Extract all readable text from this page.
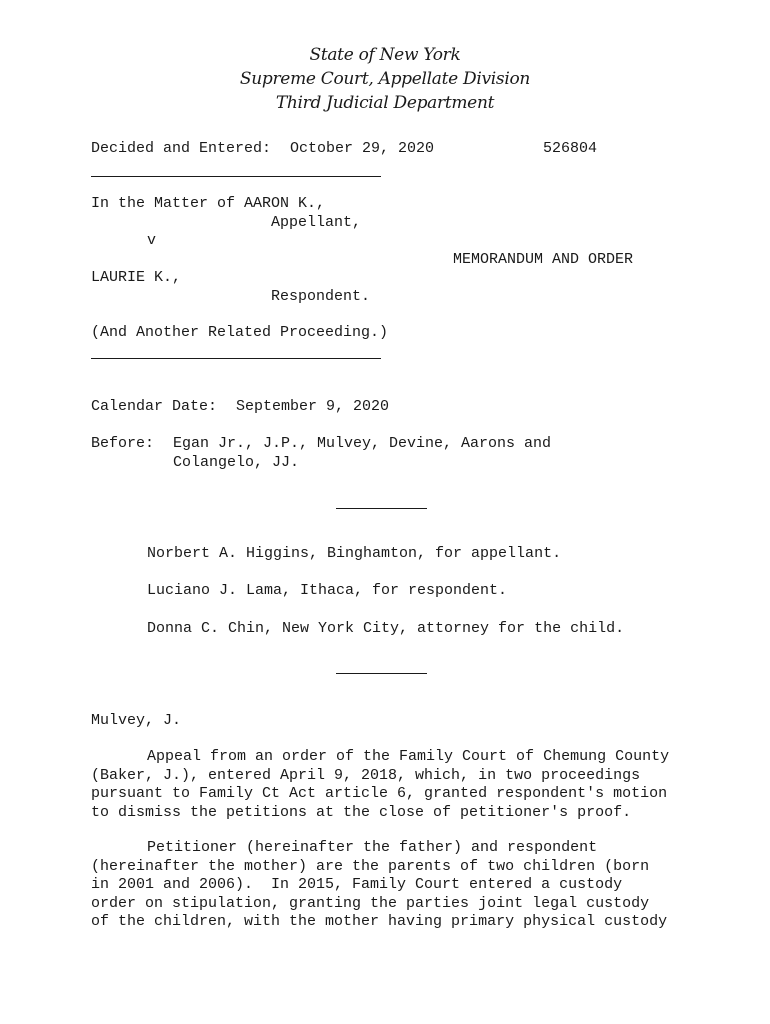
State of New York
Supreme Court, Appellate Division
Third Judicial Department
Decided and Entered: October 29, 2020	526804
In the Matter of AARON K.,
Appellant,
v
MEMORANDUM AND ORDER
LAURIE K.,
Respondent.
(And Another Related Proceeding.)
Calendar Date: September 9, 2020
Before: Egan Jr., J.P., Mulvey, Devine, Aarons and
Colangelo, JJ.
Norbert A. Higgins, Binghamton, for appellant.
Luciano J. Lama, Ithaca, for respondent.
Donna C. Chin, New York City, attorney for the child.
Mulvey, J.
Appeal from an order of the Family Court of Chemung County
(Baker, J.), entered April 9, 2018, which, in two proceedings
pursuant to Family Ct Act article 6, granted respondent's motion
to dismiss the petitions at the close of petitioner's proof.
Petitioner (hereinafter the father) and respondent
(hereinafter the mother) are the parents of two children (born
in 2001 and 2006).  In 2015, Family Court entered a custody
order on stipulation, granting the parties joint legal custody
of the children, with the mother having primary physical custody
